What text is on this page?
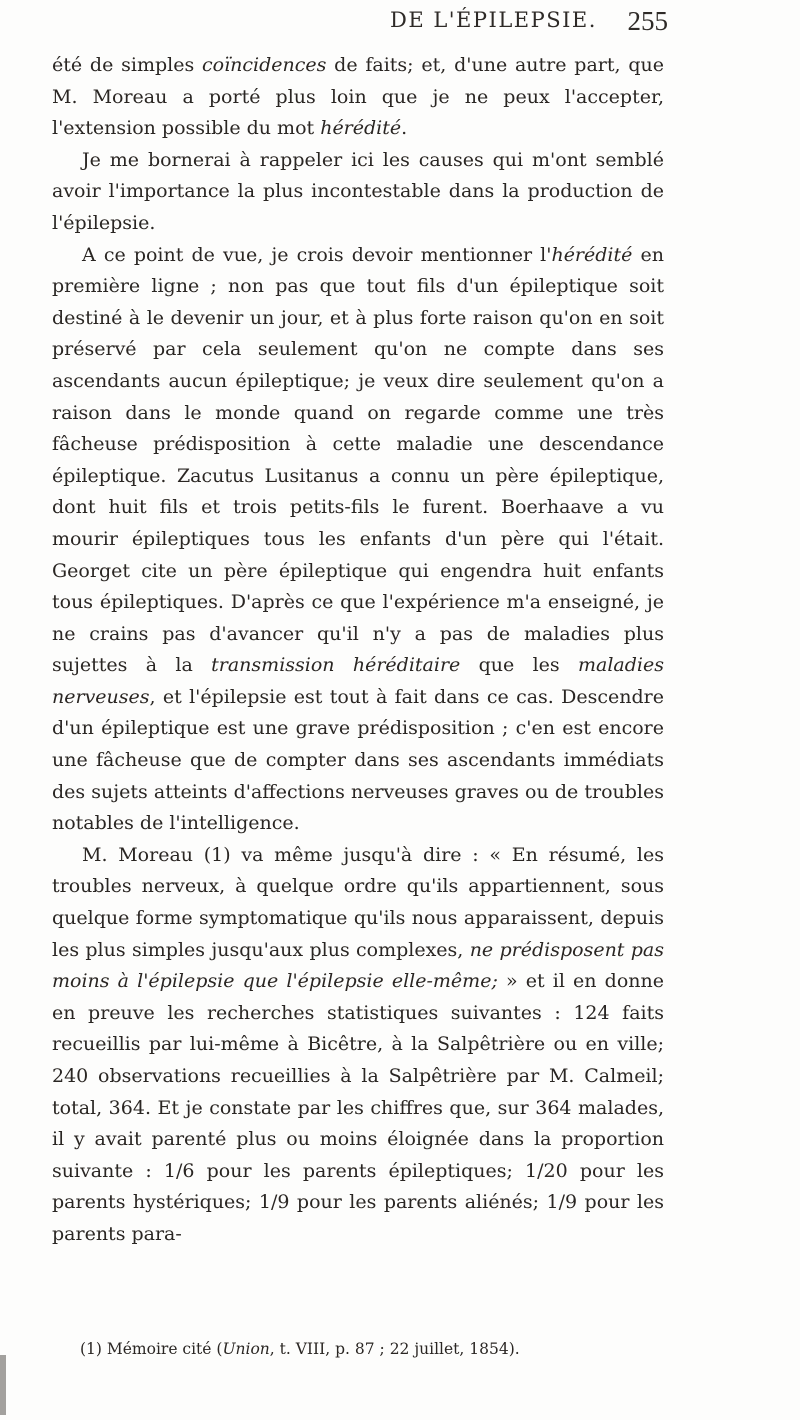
DE L'ÉPILEPSIE. 255

été de simples coïncidences de faits; et, d'une autre part, que M. Moreau a porté plus loin que je ne peux l'accepter, l'extension possible du mot hérédité.

Je me bornerai à rappeler ici les causes qui m'ont semblé avoir l'importance la plus incontestable dans la production de l'épilepsie.

A ce point de vue, je crois devoir mentionner l'hérédité en première ligne ; non pas que tout fils d'un épileptique soit destiné à le devenir un jour, et à plus forte raison qu'on en soit préservé par cela seulement qu'on ne compte dans ses ascendants aucun épileptique; je veux dire seulement qu'on a raison dans le monde quand on regarde comme une très fâcheuse prédisposition à cette maladie une descendance épileptique. Zacutus Lusitanus a connu un père épileptique, dont huit fils et trois petits-fils le furent. Boerhaave a vu mourir épileptiques tous les enfants d'un père qui l'était. Georget cite un père épileptique qui engendra huit enfants tous épileptiques. D'après ce que l'expérience m'a enseigné, je ne crains pas d'avancer qu'il n'y a pas de maladies plus sujettes à la transmission héréditaire que les maladies nerveuses, et l'épilepsie est tout à fait dans ce cas. Descendre d'un épileptique est une grave prédisposition ; c'en est encore une fâcheuse que de compter dans ses ascendants immédiats des sujets atteints d'affections nerveuses graves ou de troubles notables de l'intelligence.

M. Moreau (1) va même jusqu'à dire : « En résumé, les troubles nerveux, à quelque ordre qu'ils appartiennent, sous quelque forme symptomatique qu'ils nous apparaissent, depuis les plus simples jusqu'aux plus complexes, ne prédisposent pas moins à l'épilepsie que l'épilepsie elle-même; » et il en donne en preuve les recherches statistiques suivantes : 124 faits recueillis par lui-même à Bicêtre, à la Salpêtrière ou en ville; 240 observations recueillies à la Salpêtrière par M. Calmeil; total, 364. Et je constate par les chiffres que, sur 364 malades, il y avait parenté plus ou moins éloignée dans la proportion suivante : 1/6 pour les parents épileptiques; 1/20 pour les parents hystériques; 1/9 pour les parents aliénés; 1/9 pour les parents para-

(1) Mémoire cité (Union, t. VIII, p. 87 ; 22 juillet, 1854).
